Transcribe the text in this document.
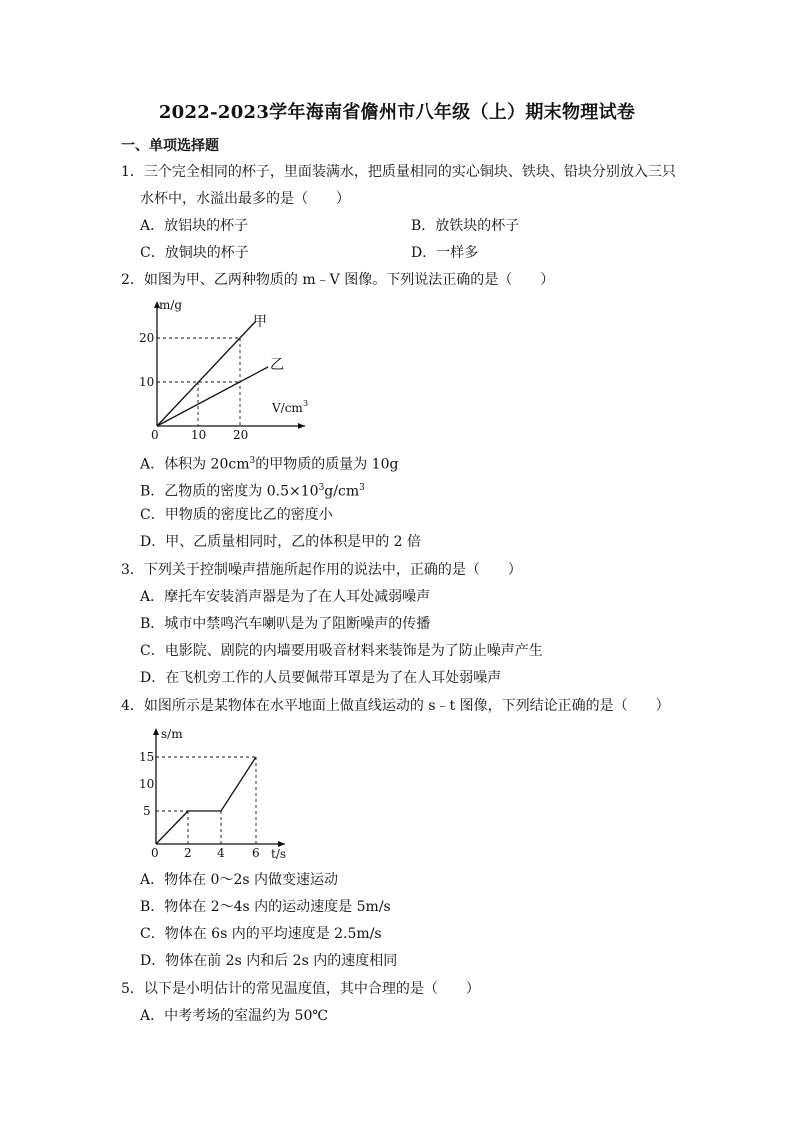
2022-2023学年海南省儋州市八年级（上）期末物理试卷
一、单项选择题
1．三个完全相同的杯子，里面装满水，把质量相同的实心铜块、铁块、铅块分别放入三只
水杯中，水溢出最多的是（　　）
A．放铝块的杯子	B．放铁块的杯子
C．放铜块的杯子	D．一样多
2．如图为甲、乙两种物质的 m﹣V 图像。下列说法正确的是（　　）
m/g
V/cm 3
甲
乙
0	10 20
10
20
A．体积为 $20cm^3$的甲物质的质量为 10g
B．乙物质的密度为 $0.5\times 10^3g/cm^3$
C．甲物质的密度比乙的密度小
D．甲、乙质量相同时，乙的体积是甲的 2 倍
3．下列关于控制噪声措施所起作用的说法中，正确的是（　　）
A．摩托车安装消声器是为了在人耳处减弱噪声
B．城市中禁鸣汽车喇叭是为了阻断噪声的传播
C．电影院、剧院的内墙要用吸音材料来装饰是为了防止噪声产生
D．在飞机旁工作的人员要佩带耳罩是为了在人耳处弱噪声
4．如图所示是某物体在水平地面上做直线运动的 s﹣t 图像，下列结论正确的是（　　）
s/m
t/s
0 2 4 6
5
10
15
A．物体在 0～2s 内做变速运动
B．物体在 2～4s 内的运动速度是 5m/s
C．物体在 6s 内的平均速度是 2.5m/s
D．物体在前 2s 内和后 2s 内的速度相同
5．以下是小明估计的常见温度值，其中合理的是（　　）
A．中考考场的室温约为 50℃
